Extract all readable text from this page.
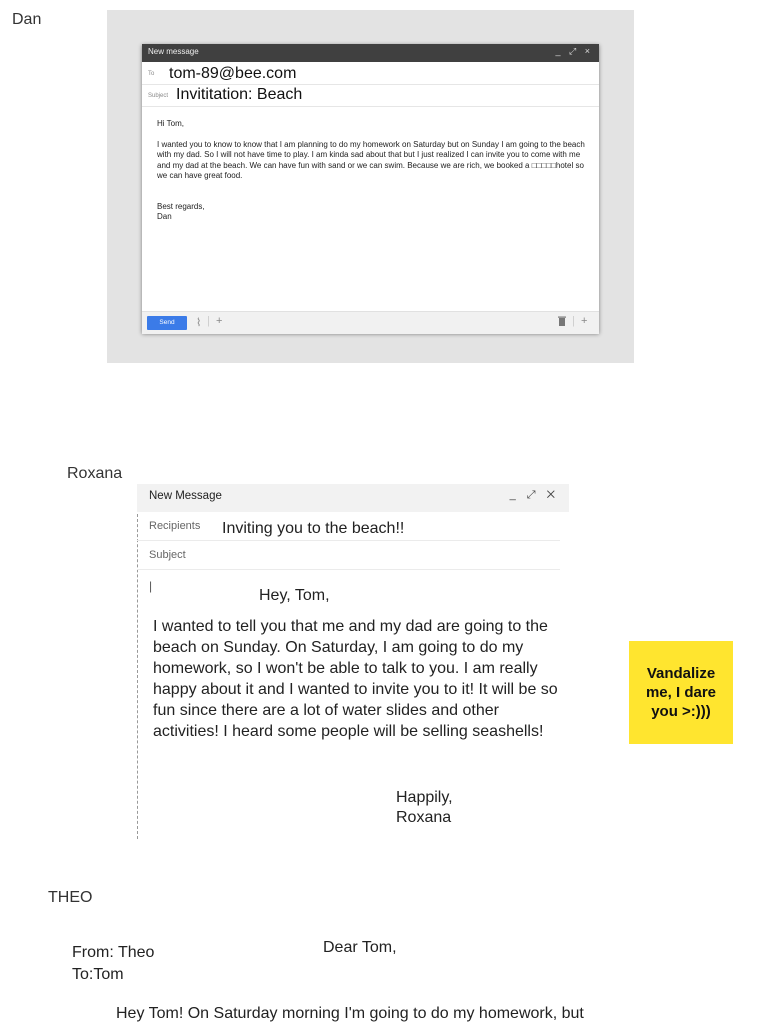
Dan
New message	_ ⤢ ×
To tom-89@bee.com
Subject Invititation: Beach

Hi Tom,

I wanted you to know to know that I am planning to do my homework on Saturday but on Sunday I am going to the beach with my dad. So I will not have time to play. I am kinda sad about that but I just realized I can invite you to come with me and my dad at the beach. We can have fun with sand or we can swim. Because we are rich, we booked a □□□□□hotel so we can have great food.

Best regards,
Dan
Send	⌇ | +	| +
Roxana
New Message	_ ⤢ ✕
Recipients Inviting you to the beach!!
Subject
|
Hey, Tom,
I wanted to tell you that me and my dad are going to the beach on Sunday. On Saturday, I am going to do my homework, so I won't be able to talk to you. I am really happy about it and I wanted to invite you to it! It will be so fun since there are a lot of water slides and other activities! I heard some people will be selling seashells!
Happily,
Roxana
Vandalize me, I dare you >:)))
THEO
From: Theo
To:Tom
Dear Tom,
Hey Tom! On Saturday morning I'm going to do my homework, but
